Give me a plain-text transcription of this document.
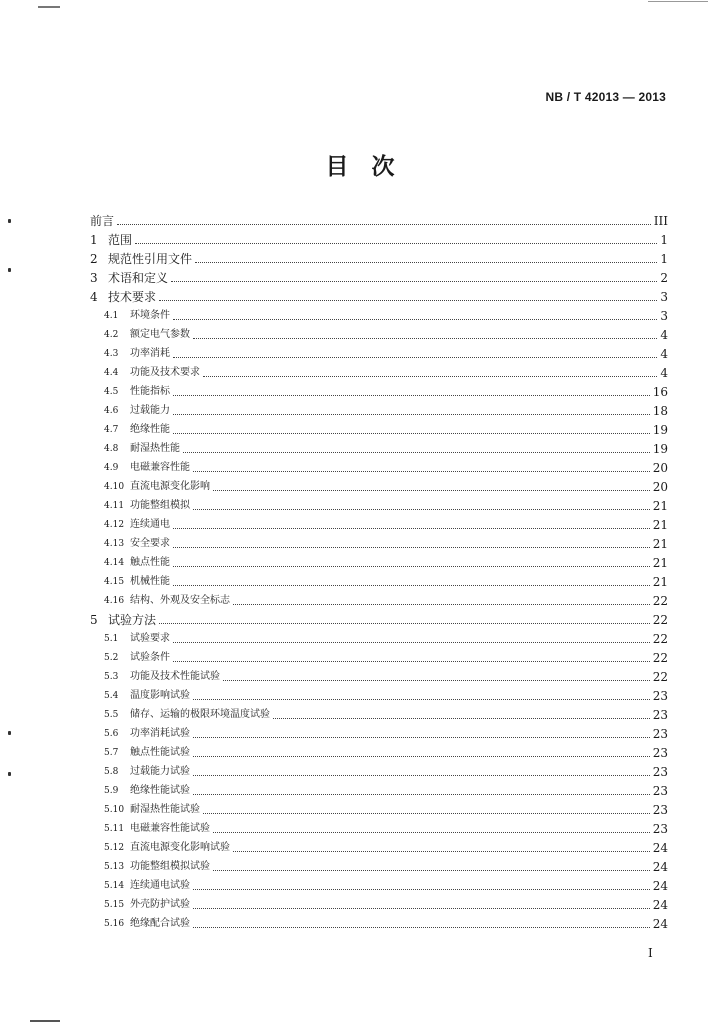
NB / T 42013 — 2013
目　次
前言	III
1 范围	1
2 规范性引用文件	1
3 术语和定义	2
4 技术要求	3
4.1	环境条件	3
4.2	额定电气参数	4
4.3	功率消耗	4
4.4	功能及技术要求	4
4.5	性能指标	16
4.6	过载能力	18
4.7	绝缘性能	19
4.8	耐湿热性能	19
4.9	电磁兼容性能	20
4.10 直流电源变化影响	20
4.11 功能整组模拟	21
4.12 连续通电	21
4.13 安全要求	21
4.14 触点性能	21
4.15 机械性能	21
4.16 结构、外观及安全标志	22
5 试验方法	22
5.1	试验要求	22
5.2	试验条件	22
5.3	功能及技术性能试验	22
5.4	温度影响试验	23
5.5	储存、运输的极限环境温度试验	23
5.6	功率消耗试验	23
5.7	触点性能试验	23
5.8	过载能力试验	23
5.9	绝缘性能试验	23
5.10 耐湿热性能试验	23
5.11 电磁兼容性能试验	23
5.12 直流电源变化影响试验	24
5.13 功能整组模拟试验	24
5.14 连续通电试验	24
5.15 外壳防护试验	24
5.16 绝缘配合试验	24
I
